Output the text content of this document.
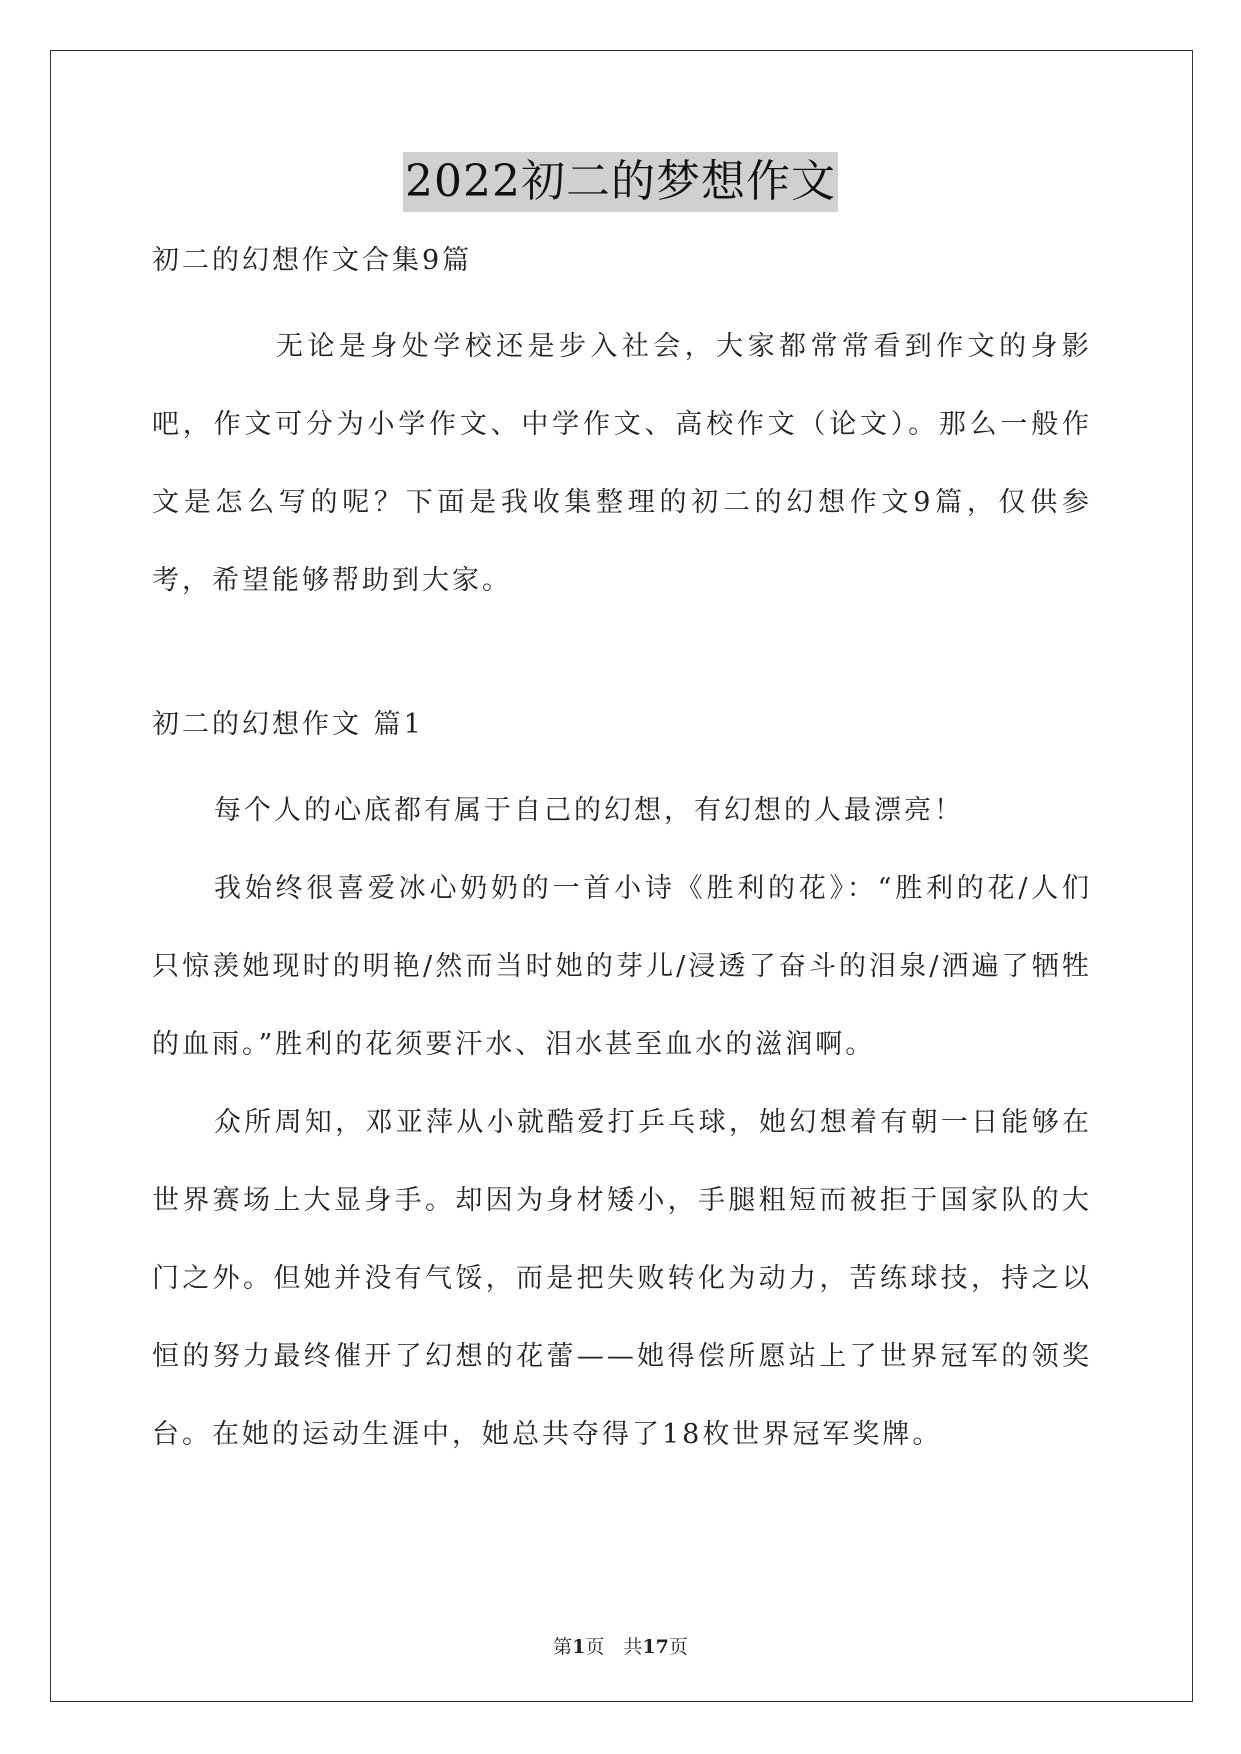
2022初二的梦想作文

初二的幻想作文合集9篇

无论是身处学校还是步入社会，大家都常常看到作文的身影吧，作文可分为小学作文、中学作文、高校作文（论文）。那么一般作文是怎么写的呢？下面是我收集整理的初二的幻想作文9篇，仅供参考，希望能够帮助到大家。

初二的幻想作文 篇1

每个人的心底都有属于自己的幻想，有幻想的人最漂亮！

我始终很喜爱冰心奶奶的一首小诗《胜利的花》：“胜利的花/人们只惊羡她现时的明艳/然而当时她的芽儿/浸透了奋斗的泪泉/洒遍了牺牲的血雨。”胜利的花须要汗水、泪水甚至血水的滋润啊。

众所周知，邓亚萍从小就酷爱打乒乓球，她幻想着有朝一日能够在世界赛场上大显身手。却因为身材矮小，手腿粗短而被拒于国家队的大门之外。但她并没有气馁，而是把失败转化为动力，苦练球技，持之以恒的努力最终催开了幻想的花蕾——她得偿所愿站上了世界冠军的领奖台。在她的运动生涯中，她总共夺得了18枚世界冠军奖牌。

第1页　共17页
